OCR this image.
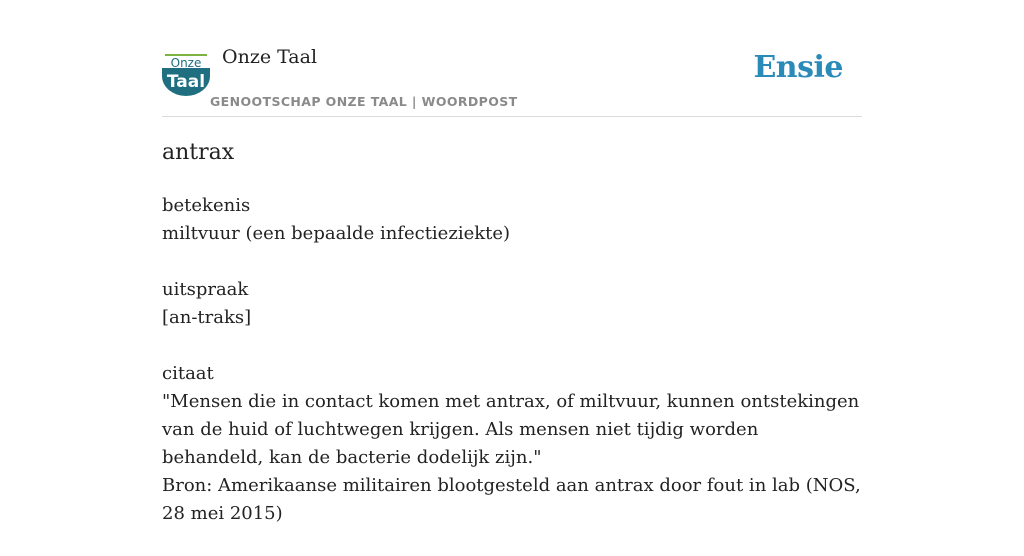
Onze
Taal
Onze Taal
GENOOTSCHAP ONZE TAAL | WOORDPOST
Ensie
antrax
betekenis
miltvuur (een bepaalde infectieziekte)
uitspraak
[an-traks]
citaat
"Mensen die in contact komen met antrax, of miltvuur, kunnen ontstekingen van de huid of luchtwegen krijgen. Als mensen niet tijdig worden behandeld, kan de bacterie dodelijk zijn."
Bron: Amerikaanse militairen blootgesteld aan antrax door fout in lab (NOS, 28 mei 2015)
